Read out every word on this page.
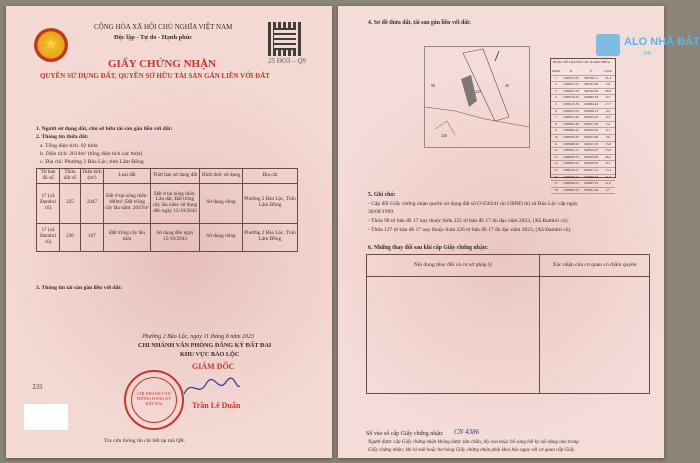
★
CỘNG HÒA XÃ HỘI CHỦ NGHĨA VIỆT NAM
Độc lập - Tự do - Hạnh phúc
25 ӨO3 – Q9
GIẤY CHỨNG NHẬN
QUYỀN SỬ DỤNG ĐẤT, QUYỀN SỞ HỮU TÀI SẢN GẮN LIỀN VỚI ĐẤT
1. Người sử dụng đất, chủ sở hữu tài sản gắn liền với đất:
2. Thông tin thửa đất:
a. Tổng diện tích: 02 thửa
b. Diện tích: 2614m² (tổng diện tích các thửa)
c. Địa chỉ: Phường 2 Bảo Lộc, tỉnh Lâm Đồng
Tờ bản đồ số	Thửa đất số	Diện tích (m²)	Loại đất	Thời hạn sử dụng đất	Hình thức sử dụng	Địa chỉ
17 (xã Đambri cũ)	225	2447	Đất ở tại nông thôn: 400m²; Đất trồng cây lâu năm: 2047m²	Đất ở tại nông thôn: Lâu dài; Đất trồng cây lâu năm: sử dụng đến ngày 15/10/2043	Sử dụng riêng	Phường 2 Bảo Lộc, Tỉnh Lâm Đồng
17 (xã Đambri cũ)	226	167	Đất trồng cây lâu năm	Sử dụng đến ngày 15/10/2043	Sử dụng riêng	Phường 2 Bảo Lộc, Tỉnh Lâm Đồng
3. Thông tin tài sản gắn liền với đất:
Phường 2 Bảo Lộc, ngày 11 tháng 8 năm 2023
CHI NHÁNH VĂN PHÒNG ĐĂNG KÝ ĐẤT ĐAI
KHU VỰC BẢO LỘC
GIÁM ĐỐC
CHI NHÁNH VĂN PHÒNG ĐĂNG KÝ ĐẤT ĐAI	Trần Lê Duẩn
335
Tra cứu thông tin chi tiết tại mã QR.
4. Sơ đồ thửa đất, tài sản gắn liền với đất:
225
226
98	46
BẢNG KÊ TỌA ĐỘ GÓC RANH THỬA
Điểm	X	Y	Cạnh
1	1288133.81	549789.11	31.4
2	1288161.07	549791.06	5.6
3	1288165.76	549794.20	29.9
4	1288136.32	549803.18	6.3
5	1288123.39	549804.44	17.7
6	1288102.33	549809.13	4.5
7	1288103.63	549812.25	6.3
8	1288094.46	549811.59	2.4
9	1288084.10	549810.62	8.1
10	1288070.45	549813.00	3.0
11	1288066.93	549815.35	15.0
12	1288042.11	549819.07	13.8
13	1288028.75	549819.85	28.2
14	1288025.54	549818.02	8.3
15	1288018.27	549821.12	13.4
16	1288026.24	549809.54	21.5
17	1288046.51	549807.55	11.0
18	1288060.23	549801.64	4.7
5. Ghi chú:
- Cấp đổi Giấy chứng nhận quyền sử dụng đất số O 658241 do UBND thị xã Bảo Lộc cấp ngày
30/08/1999.
- Thửa 98 tờ bản đồ 17 nay thuộc thửa 225 tờ bản đồ 17 đo đạc năm 2023, (Xã Đambri cũ).
- Thửa 137 tờ bản đồ 17 nay thuộc thửa 226 tờ bản đồ 17 đo đạc năm 2023, (Xã Đambri cũ).
6. Những thay đổi sau khi cấp Giấy chứng nhận:
Nội dung thay đổi và cơ sở pháp lý	Xác nhận của cơ quan có thẩm quyền

Số vào sổ cấp Giấy chứng nhận: CN 4386
Người được cấp Giấy chứng nhận không được sửa chữa, tẩy xóa hoặc bổ sung bất kỳ nội dung nào trong
Giấy chứng nhận; khi bị mất hoặc hư hỏng Giấy chứng nhận phải khai báo ngay với cơ quan cấp Giấy.
ALO NHÀ ĐẤT
.vn
